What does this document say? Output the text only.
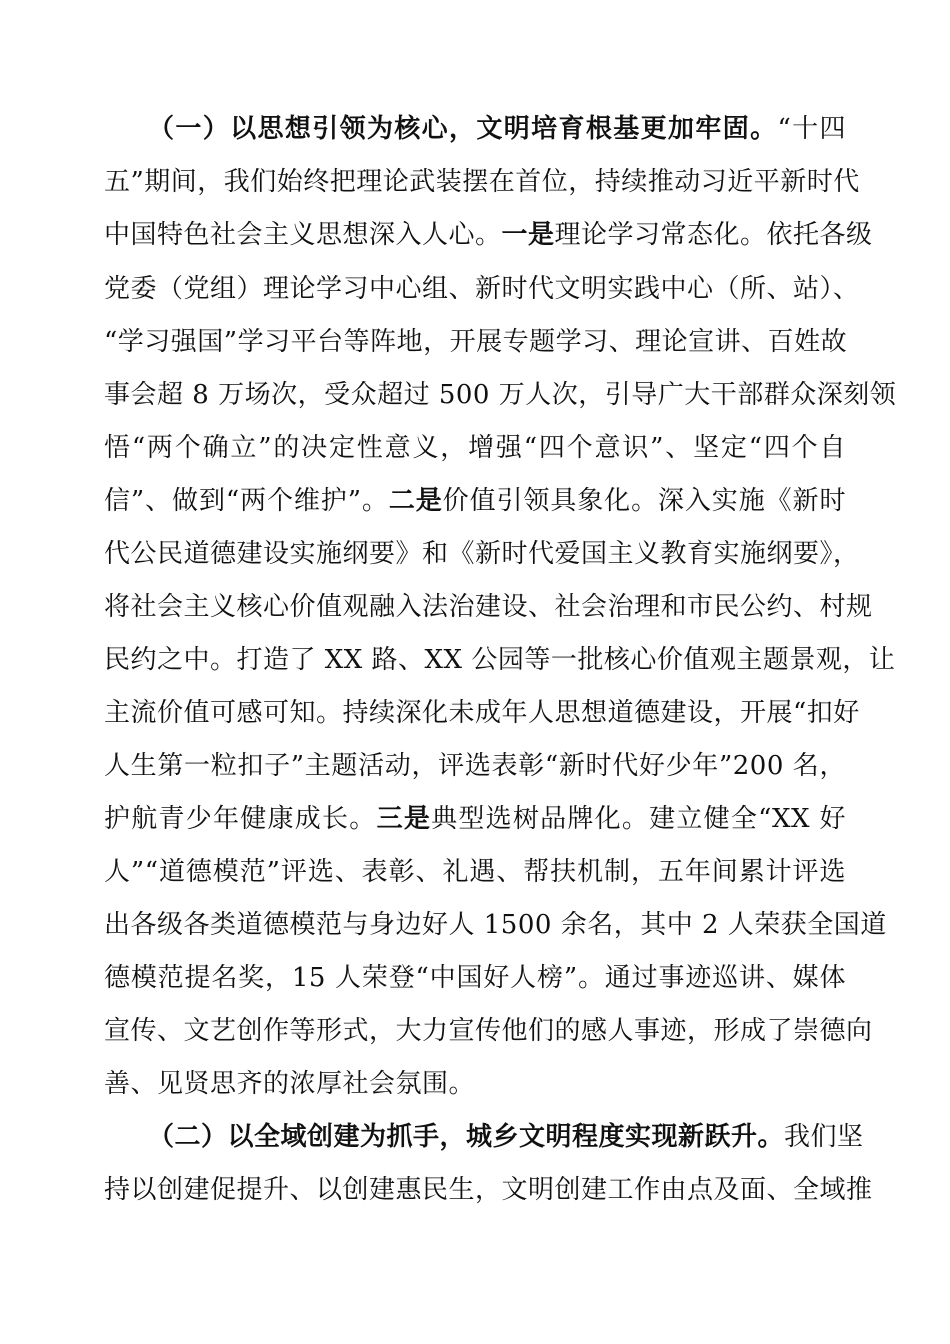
（一）以思想引领为核心，文明培育根基更加牢固。“十四
五”期间，我们始终把理论武装摆在首位，持续推动习近平新时代
中国特色社会主义思想深入人心。一是理论学习常态化。依托各级
党委（党组）理论学习中心组、新时代文明实践中心（所、站）、
“学习强国”学习平台等阵地，开展专题学习、理论宣讲、百姓故
事会超 8 万场次，受众超过 500 万人次，引导广大干部群众深刻领
悟“两个确立”的决定性意义，增强“四个意识”、坚定“四个自
信”、做到“两个维护”。二是价值引领具象化。深入实施《新时
代公民道德建设实施纲要》和《新时代爱国主义教育实施纲要》，
将社会主义核心价值观融入法治建设、社会治理和市民公约、村规
民约之中。打造了 XX 路、XX 公园等一批核心价值观主题景观，让
主流价值可感可知。持续深化未成年人思想道德建设，开展“扣好
人生第一粒扣子”主题活动，评选表彰“新时代好少年”200 名，
护航青少年健康成长。三是典型选树品牌化。建立健全“XX 好
人”“道德模范”评选、表彰、礼遇、帮扶机制，五年间累计评选
出各级各类道德模范与身边好人 1500 余名，其中 2 人荣获全国道
德模范提名奖，15 人荣登“中国好人榜”。通过事迹巡讲、媒体
宣传、文艺创作等形式，大力宣传他们的感人事迹，形成了崇德向
善、见贤思齐的浓厚社会氛围。
（二）以全域创建为抓手，城乡文明程度实现新跃升。我们坚
持以创建促提升、以创建惠民生，文明创建工作由点及面、全域推
